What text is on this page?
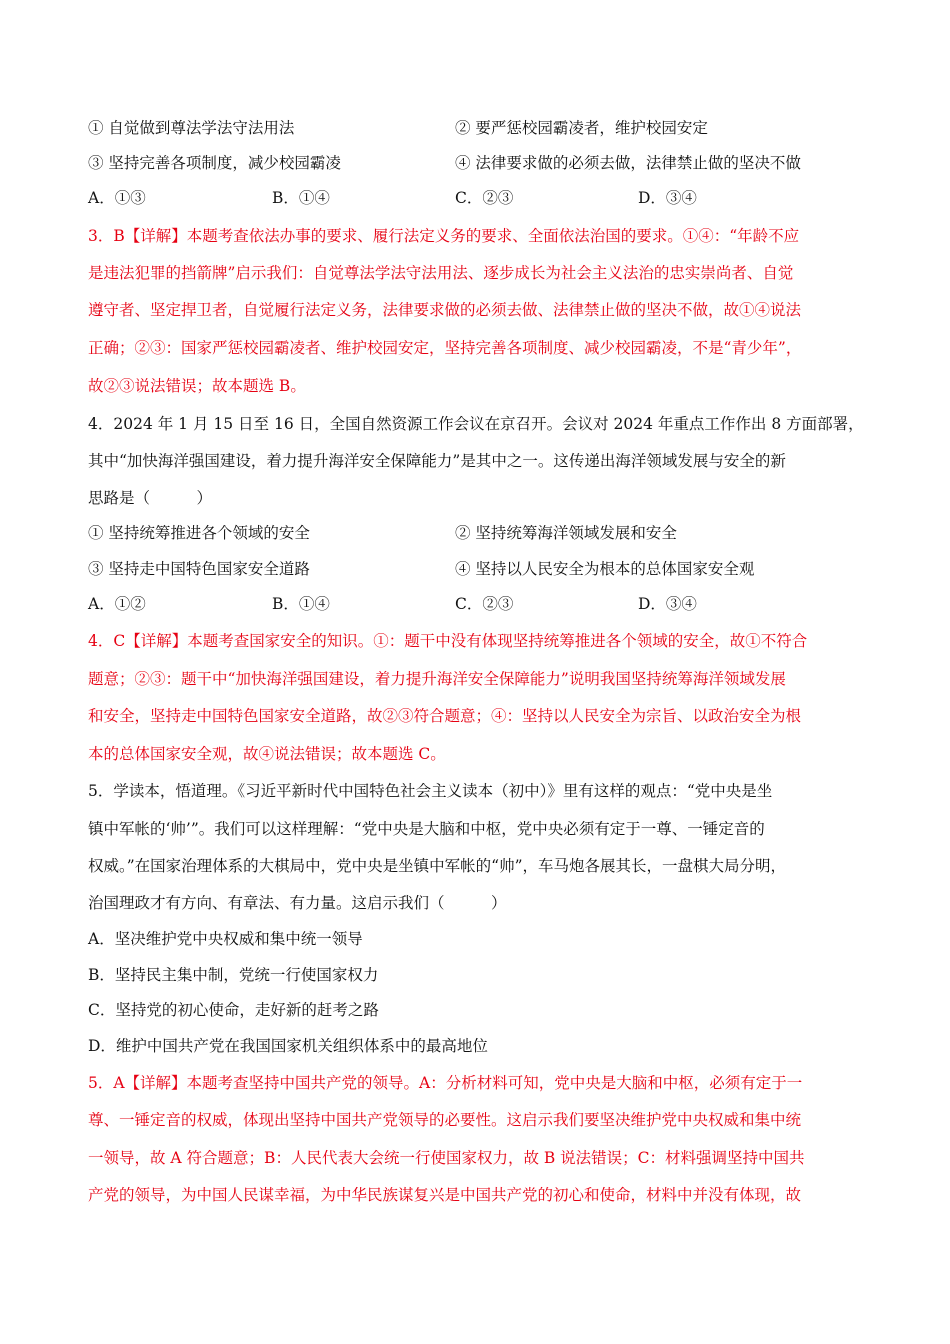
① 自觉做到尊法学法守法用法	② 要严惩校园霸凌者，维护校园安定
③ 坚持完善各项制度，减少校园霸凌	④ 法律要求做的必须去做，法律禁止做的坚决不做
A．①③	B．①④	C．②③	D．③④
3．B【详解】本题考查依法办事的要求、履行法定义务的要求、全面依法治国的要求。①④：“年龄不应
是违法犯罪的挡箭牌”启示我们：自觉尊法学法守法用法、逐步成长为社会主义法治的忠实崇尚者、自觉
遵守者、坚定捍卫者，自觉履行法定义务，法律要求做的必须去做、法律禁止做的坚决不做，故①④说法
正确；②③：国家严惩校园霸凌者、维护校园安定，坚持完善各项制度、减少校园霸凌，不是“青少年”，
故②③说法错误；故本题选 B。
4．2024 年 1 月 15 日至 16 日，全国自然资源工作会议在京召开。会议对 2024 年重点工作作出 8 方面部署，
其中“加快海洋强国建设，着力提升海洋安全保障能力”是其中之一。这传递出海洋领域发展与安全的新
思路是（　　　）
① 坚持统筹推进各个领域的安全	② 坚持统筹海洋领域发展和安全
③ 坚持走中国特色国家安全道路	④ 坚持以人民安全为根本的总体国家安全观
A．①②	B．①④	C．②③	D．③④
4．C【详解】本题考查国家安全的知识。①：题干中没有体现坚持统筹推进各个领域的安全，故①不符合
题意；②③：题干中“加快海洋强国建设，着力提升海洋安全保障能力”说明我国坚持统筹海洋领域发展
和安全，坚持走中国特色国家安全道路，故②③符合题意；④：坚持以人民安全为宗旨、以政治安全为根
本的总体国家安全观，故④说法错误；故本题选 C。
5．学读本，悟道理。《习近平新时代中国特色社会主义读本（初中）》里有这样的观点：“党中央是坐
镇中军帐的‘帅’”。我们可以这样理解：“党中央是大脑和中枢，党中央必须有定于一尊、一锤定音的
权威。”在国家治理体系的大棋局中，党中央是坐镇中军帐的“帅”，车马炮各展其长，一盘棋大局分明，
治国理政才有方向、有章法、有力量。这启示我们（　　　）
A．坚决维护党中央权威和集中统一领导
B．坚持民主集中制，党统一行使国家权力
C．坚持党的初心使命，走好新的赶考之路
D．维护中国共产党在我国国家机关组织体系中的最高地位
5．A【详解】本题考查坚持中国共产党的领导。A：分析材料可知，党中央是大脑和中枢，必须有定于一
尊、一锤定音的权威，体现出坚持中国共产党领导的必要性。这启示我们要坚决维护党中央权威和集中统
一领导，故 A 符合题意；B：人民代表大会统一行使国家权力，故 B 说法错误；C：材料强调坚持中国共
产党的领导，为中国人民谋幸福，为中华民族谋复兴是中国共产党的初心和使命，材料中并没有体现，故
